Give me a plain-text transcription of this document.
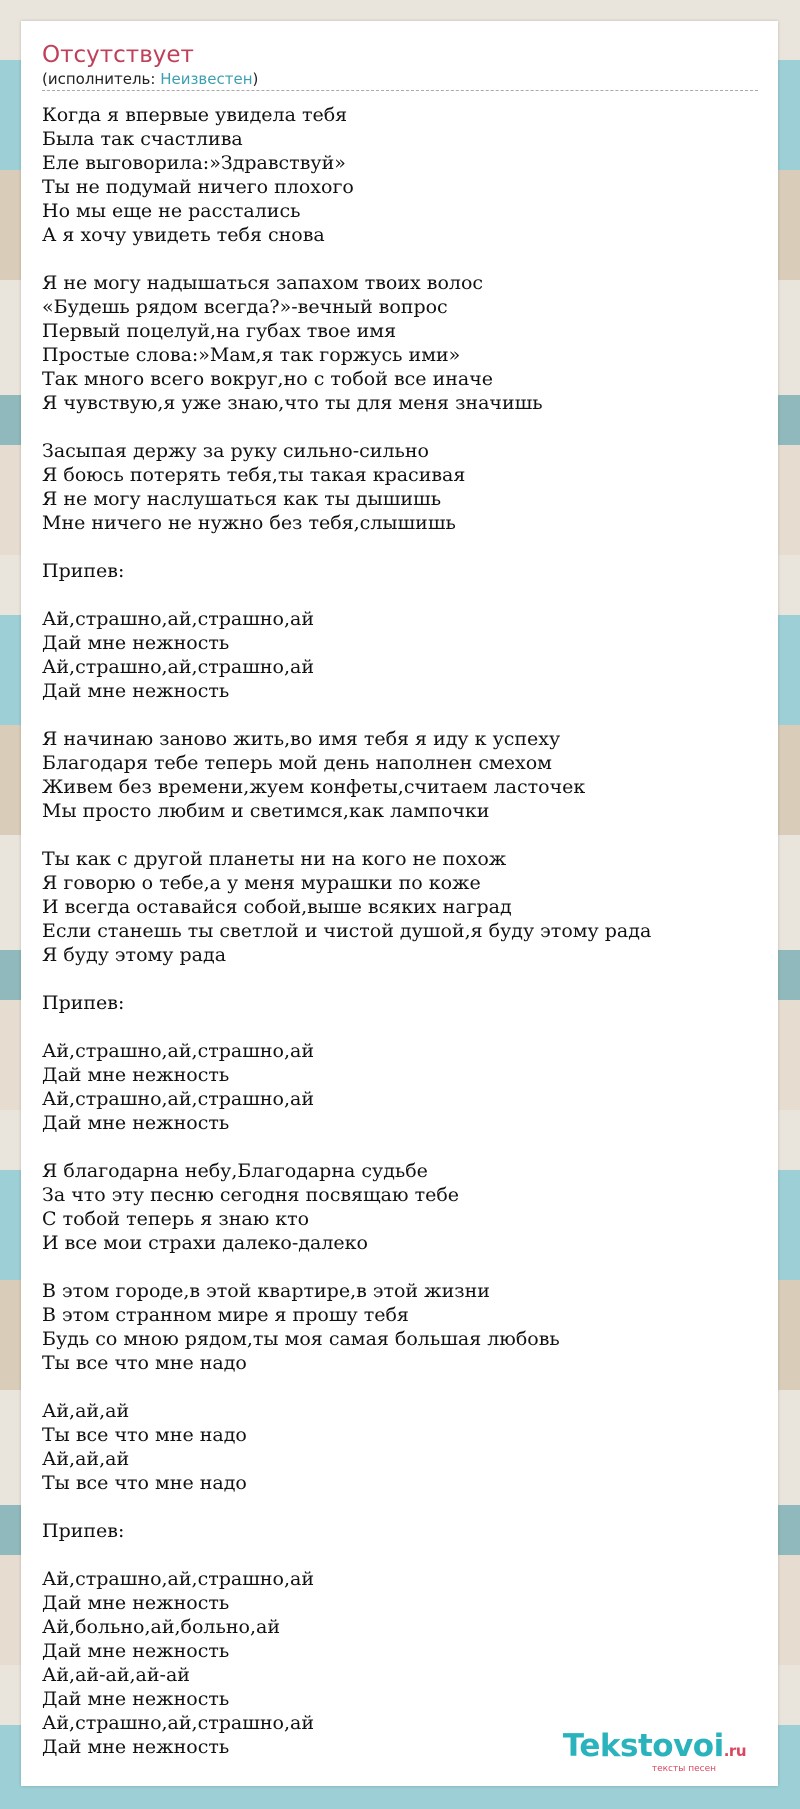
Отсутствует
(исполнитель: Неизвестен)
Когда я впервые увидела тебя
Была так счастлива
Еле выговорила:»Здравствуй»
Ты не подумай ничего плохого
Но мы еще не расстались
А я хочу увидеть тебя снова
Я не могу надышаться запахом твоих волос
«Будешь рядом всегда?»-вечный вопрос
Первый поцелуй,на губах твое имя
Простые слова:»Мам,я так горжусь ими»
Так много всего вокруг,но с тобой все иначе
Я чувствую,я уже знаю,что ты для меня значишь
Засыпая держу за руку сильно-сильно
Я боюсь потерять тебя,ты такая красивая
Я не могу наслушаться как ты дышишь
Мне ничего не нужно без тебя,слышишь
Припев:
Ай,страшно,ай,страшно,ай
Дай мне нежность
Ай,страшно,ай,страшно,ай
Дай мне нежность
Я начинаю заново жить,во имя тебя я иду к успеху
Благодаря тебе теперь мой день наполнен смехом
Живем без времени,жуем конфеты,считаем ласточек
Мы просто любим и светимся,как лампочки
Ты как с другой планеты ни на кого не похож
Я говорю о тебе,а у меня мурашки по коже
И всегда оставайся собой,выше всяких наград
Если станешь ты светлой и чистой душой,я буду этому рада
Я буду этому рада
Припев:
Ай,страшно,ай,страшно,ай
Дай мне нежность
Ай,страшно,ай,страшно,ай
Дай мне нежность
Я благодарна небу,Благодарна судьбе
За что эту песню сегодня посвящаю тебе
С тобой теперь я знаю кто
И все мои страхи далеко-далеко
В этом городе,в этой квартире,в этой жизни
В этом странном мире я прошу тебя
Будь со мною рядом,ты моя самая большая любовь
Ты все что мне надо
Ай,ай,ай
Ты все что мне надо
Ай,ай,ай
Ты все что мне надо
Припев:
Ай,страшно,ай,страшно,ай
Дай мне нежность
Ай,больно,ай,больно,ай
Дай мне нежность
Ай,ай-ай,ай-ай
Дай мне нежность
Ай,страшно,ай,страшно,ай
Дай мне нежность	Tekstovoi.ru
тексты песен
